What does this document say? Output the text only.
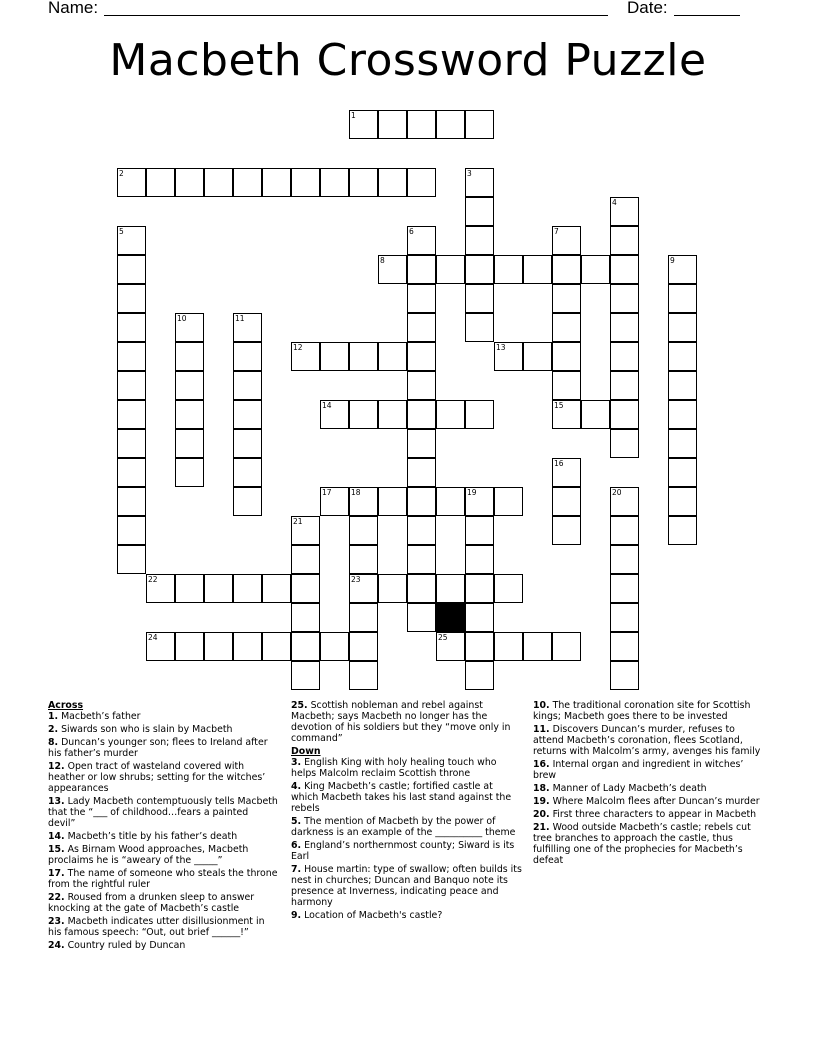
Name:	Date:
Macbeth Crossword Puzzle
1
2	3
4
5	6	7
8	9
10	11
12	13
14	15
16
17	18	19
23
20
21
22
24	25
Across
1. Macbeth’s father
2. Siwards son who is slain by Macbeth
8. Duncan’s younger son; flees to Ireland after his father’s murder
12. Open tract of wasteland covered with heather or low shrubs; setting for the witches’ appearances
13. Lady Macbeth contemptuously tells Macbeth that the “___ of childhood…fears a painted devil”
14. Macbeth’s title by his father’s death
15. As Birnam Wood approaches, Macbeth proclaims he is “aweary of the _____”
17. The name of someone who steals the throne from the rightful ruler
22. Roused from a drunken sleep to answer knocking at the gate of Macbeth’s castle
23. Macbeth indicates utter disillusionment in his famous speech: “Out, out brief ______!”
24. Country ruled by Duncan
25. Scottish nobleman and rebel against Macbeth; says Macbeth no longer has the devotion of his soldiers but they “move only in command”
Down
3. English King with holy healing touch who helps Malcolm reclaim Scottish throne
4. King Macbeth’s castle; fortified castle at which Macbeth takes his last stand against the rebels
5. The mention of Macbeth by the power of darkness is an example of the __________ theme
6. England’s northernmost county; Siward is its Earl
7. House martin: type of swallow; often builds its nest in churches; Duncan and Banquo note its presence at Inverness, indicating peace and harmony
9. Location of Macbeth's castle?
10. The traditional coronation site for Scottish kings; Macbeth goes there to be invested
11. Discovers Duncan’s murder, refuses to attend Macbeth’s coronation, flees Scotland, returns with Malcolm’s army, avenges his family
16. Internal organ and ingredient in witches’ brew
18. Manner of Lady Macbeth’s death
19. Where Malcolm flees after Duncan’s murder
20. First three characters to appear in Macbeth
21. Wood outside Macbeth’s castle; rebels cut tree branches to approach the castle, thus fulfilling one of the prophecies for Macbeth’s defeat
